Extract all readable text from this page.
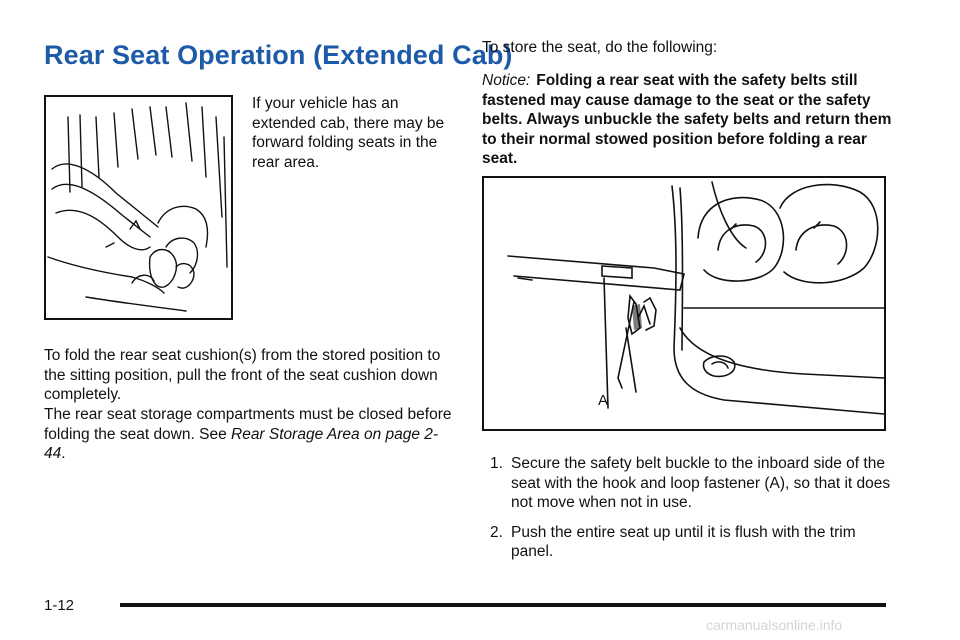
Rear Seat Operation (Extended Cab)
If your vehicle has an extended cab, there may be forward folding seats in the rear area.
To fold the rear seat cushion(s) from the stored position to the sitting position, pull the front of the seat cushion down completely.
The rear seat storage compartments must be closed before folding the seat down. See Rear Storage Area on page 2-44.
To store the seat, do the following:
Notice: Folding a rear seat with the safety belts still fastened may cause damage to the seat or the safety belts. Always unbuckle the safety belts and return them to their normal stowed position before folding a rear seat.
A
1. Secure the safety belt buckle to the inboard side of the seat with the hook and loop fastener (A), so that it does not move when not in use.
2. Push the entire seat up until it is flush with the trim panel.
1-12
carmanualsonline.info
